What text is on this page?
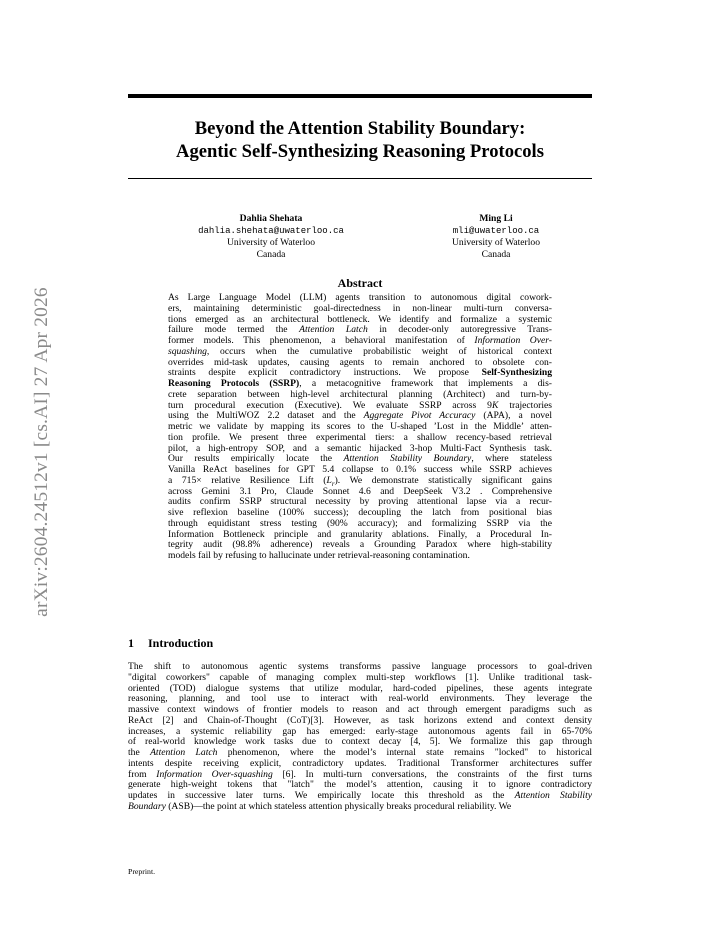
arXiv:2604.24512v1 [cs.AI] 27 Apr 2026
Beyond the Attention Stability Boundary:
Agentic Self-Synthesizing Reasoning Protocols
Dahlia Shehata
dahlia.shehata@uwaterloo.ca
University of Waterloo
Canada
Ming Li
mli@uwaterloo.ca
University of Waterloo
Canada
Abstract
As Large Language Model (LLM) agents transition to autonomous digital cowork-
ers, maintaining deterministic goal-directedness in non-linear multi-turn conversa-
tions emerged as an architectural bottleneck. We identify and formalize a systemic
failure mode termed the Attention Latch in decoder-only autoregressive Trans-
former models. This phenomenon, a behavioral manifestation of Information Over-
squashing, occurs when the cumulative probabilistic weight of historical context
overrides mid-task updates, causing agents to remain anchored to obsolete con-
straints despite explicit contradictory instructions. We propose Self-Synthesizing
Reasoning Protocols (SSRP), a metacognitive framework that implements a dis-
crete separation between high-level architectural planning (Architect) and turn-by-
turn procedural execution (Executive). We evaluate SSRP across 9K trajectories
using the MultiWOZ 2.2 dataset and the Aggregate Pivot Accuracy (APA), a novel
metric we validate by mapping its scores to the U-shaped ’Lost in the Middle’ atten-
tion profile. We present three experimental tiers: a shallow recency-based retrieval
pilot, a high-entropy SOP, and a semantic hijacked 3-hop Multi-Fact Synthesis task.
Our results empirically locate the Attention Stability Boundary, where stateless
Vanilla ReAct baselines for GPT 5.4 collapse to 0.1% success while SSRP achieves
a 715× relative Resilience Lift $(L_r)$. We demonstrate statistically significant gains
across Gemini 3.1 Pro, Claude Sonnet 4.6 and DeepSeek V3.2 . Comprehensive
audits confirm SSRP structural necessity by proving attentional lapse via a recur-
sive reflexion baseline (100% success); decoupling the latch from positional bias
through equidistant stress testing (90% accuracy); and formalizing SSRP via the
Information Bottleneck principle and granularity ablations. Finally, a Procedural In-
tegrity audit (98.8% adherence) reveals a Grounding Paradox where high-stability
models fail by refusing to hallucinate under retrieval-reasoning contamination.
1 Introduction
The shift to autonomous agentic systems transforms passive language processors to goal-driven
"digital coworkers" capable of managing complex multi-step workflows [1]. Unlike traditional task-
oriented (TOD) dialogue systems that utilize modular, hard-coded pipelines, these agents integrate
reasoning, planning, and tool use to interact with real-world environments. They leverage the
massive context windows of frontier models to reason and act through emergent paradigms such as
ReAct [2] and Chain-of-Thought (CoT)[3]. However, as task horizons extend and context density
increases, a systemic reliability gap has emerged: early-stage autonomous agents fail in 65-70%
of real-world knowledge work tasks due to context decay [4, 5]. We formalize this gap through
the Attention Latch phenomenon, where the model’s internal state remains "locked" to historical
intents despite receiving explicit, contradictory updates. Traditional Transformer architectures suffer
from Information Over-squashing [6]. In multi-turn conversations, the constraints of the first turns
generate high-weight tokens that "latch" the model’s attention, causing it to ignore contradictory
updates in successive later turns. We empirically locate this threshold as the Attention Stability
Boundary (ASB)—the point at which stateless attention physically breaks procedural reliability. We
Preprint.
